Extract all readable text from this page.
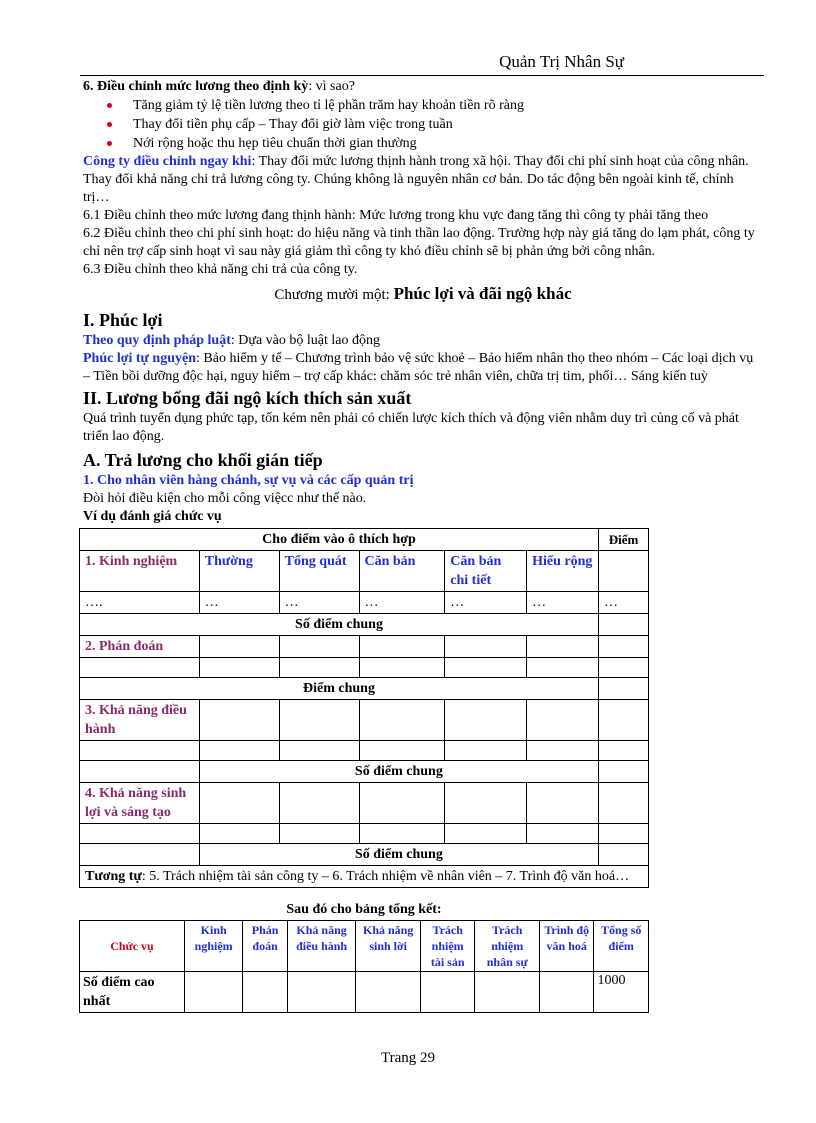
Quản Trị Nhân Sự

6. Điều chỉnh mức lương theo định kỳ: vì sao?

Tăng giảm tỷ lệ tiền lương theo tỉ lệ phần trăm hay khoản tiền rõ ràng
Thay đổi tiền phụ cấp – Thay đổi giờ làm việc trong tuần
Nới rộng hoặc thu hẹp tiêu chuẩn thời gian thường

Công ty điều chỉnh ngay khi: Thay đổi mức lương thịnh hành trong xã hội. Thay đổi chi phí sinh hoạt của công nhân. Thay đổi khả năng chi trả lương công ty. Chúng không là nguyên nhân cơ bản. Do tác động bên ngoài kinh tế, chính trị…

6.1 Điều chỉnh theo mức lương đang thịnh hành: Mức lương trong khu vực đang tăng thì công ty phải tăng theo

6.2 Điều chỉnh theo chi phí sinh hoạt: do hiệu năng và tinh thần lao động. Trường hợp này giá tăng do lạm phát, công ty chỉ nên trợ cấp sinh hoạt vì sau này giá giảm thì công ty khó điều chỉnh sẽ bị phản ứng bởi công nhân.

6.3 Điều chỉnh theo khả năng chi trả của công ty.

Chương mười một: Phúc lợi và đãi ngộ khác

I. Phúc lợi

Theo quy định pháp luật: Dựa vào bộ luật lao động

Phúc lợi tự nguyện: Bảo hiểm y tế – Chương trình bảo vệ sức khoẻ – Bảo hiểm nhân thọ theo nhóm – Các loại dịch vụ – Tiền bồi dưỡng độc hại, nguy hiểm – trợ cấp khác: chăm sóc trẻ nhân viên, chữa trị tim, phổi… Sáng kiến tuỳ

II. Lương bổng đãi ngộ kích thích sản xuất

Quá trình tuyển dụng phức tạp, tốn kém nên phải có chiến lược kích thích và động viên nhằm duy trì củng cố và phát triển lao động.

A. Trả lương cho khối gián tiếp

1. Cho nhân viên hàng chánh, sự vụ và các cấp quản trị

Đòi hỏi điều kiện cho mỗi công việcc như thế nào.

Ví dụ đánh giá chức vụ

Cho điểm vào ô thích hợp						Điểm
1. Kinh nghiệm	Thường	Tổng quát	Căn bản	Căn bản chi tiết	Hiểu rộng	
….	…	…	…	…	…	…
Số điểm chung						
2. Phán đoán						

Điểm chung						
3. Khả năng điều hành						

	Số điểm chung					
4. Khả năng sinh lợi và sáng tạo						

	Số điểm chung					
Tương tự: 5. Trách nhiệm tài sản công ty – 6. Trách nhiệm về nhân viên – 7. Trình độ văn hoá…						
Sau đó cho bảng tổng kết:
Chức vụ	Kinh nghiệm	Phán đoán	Khả năng điều hành	Khả năng sinh lời	Trách nhiệm tài sản	Trách nhiệm nhân sự	Trình độ văn hoá	Tổng số điểm
Số điểm cao nhất								1000
Trang 29
